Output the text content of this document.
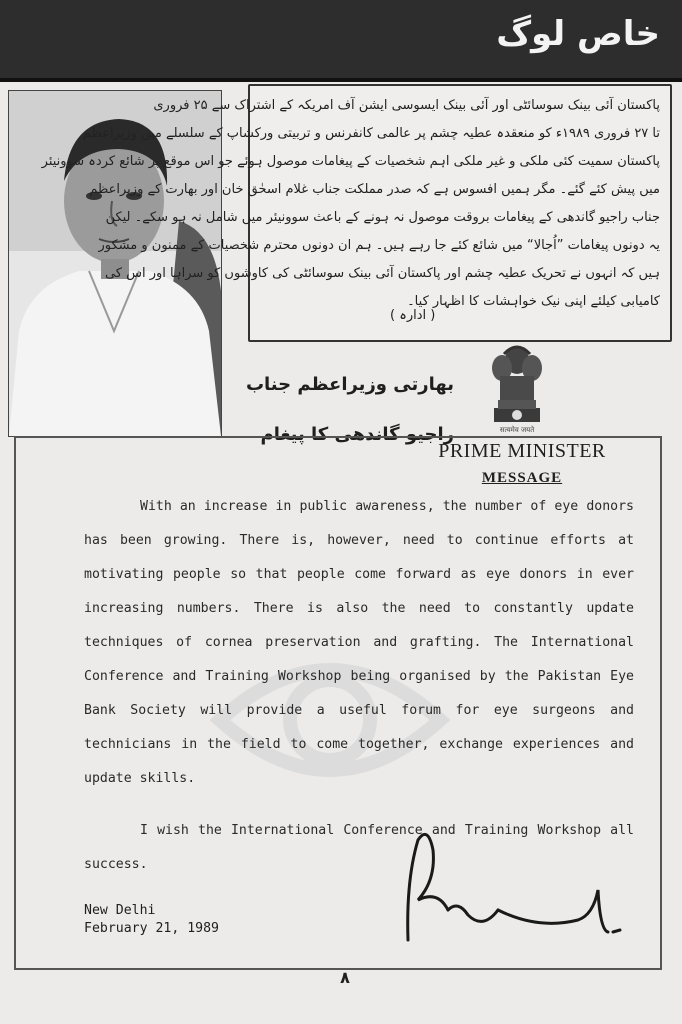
خاص لوگ
پاکستان آئی بینک سوسائٹی اور آئی بینک ایسوسی ایشن آف امریکہ کے اشتراک سے ۲۵ فروری
تا ۲۷ فروری ۱۹۸۹ء کو منعقدہ عطیہ چشم پر عالمی کانفرنس و تربیتی ورکشاپ کے سلسلے میں وزیراعظم
پاکستان سمیت کئی ملکی و غیر ملکی اہم شخصیات کے پیغامات موصول ہوئے جو اس موقع پر شائع کردہ سوونیئر
میں پیش کئے گئے۔ مگر ہمیں افسوس ہے کہ صدر مملکت جناب غلام اسحٰق خان اور بھارت کے وزیراعظم
جناب راجیو گاندھی کے پیغامات بروقت موصول نہ ہونے کے باعث سوونیئر میں شامل نہ ہو سکے۔ لیکن
یہ دونوں پیغامات ”اُجالا“ میں شائع کئے جا رہے ہیں۔ ہم ان دونوں محترم شخصیات کے ممنون و مشکور
ہیں کہ انہوں نے تحریک عطیہ چشم اور پاکستان آئی بینک سوسائٹی کی کاوشوں کو سراہا اور اس کی
کامیابی کیلئے اپنی نیک خواہشات کا اظہار کیا۔
( ادارہ )
بھارتی وزیراعظم جناب
راجیو گاندھی کا پیغام	सत्यमेव जयते
PRIME MINISTER
MESSAGE

With an increase in public awareness, the number of eye donors has been growing. There is, however, need to continue efforts at motivating people so that people come forward as eye donors in ever increasing numbers. There is also the need to constantly update techniques of cornea preservation and grafting. The International Conference and Training Workshop being organised by the Pakistan Eye Bank Society will provide a useful forum for eye surgeons and technicians in the field to come together, exchange experiences and update skills.

I wish the International Conference and Training Workshop all success.

New Delhi
February 21, 1989
۸
